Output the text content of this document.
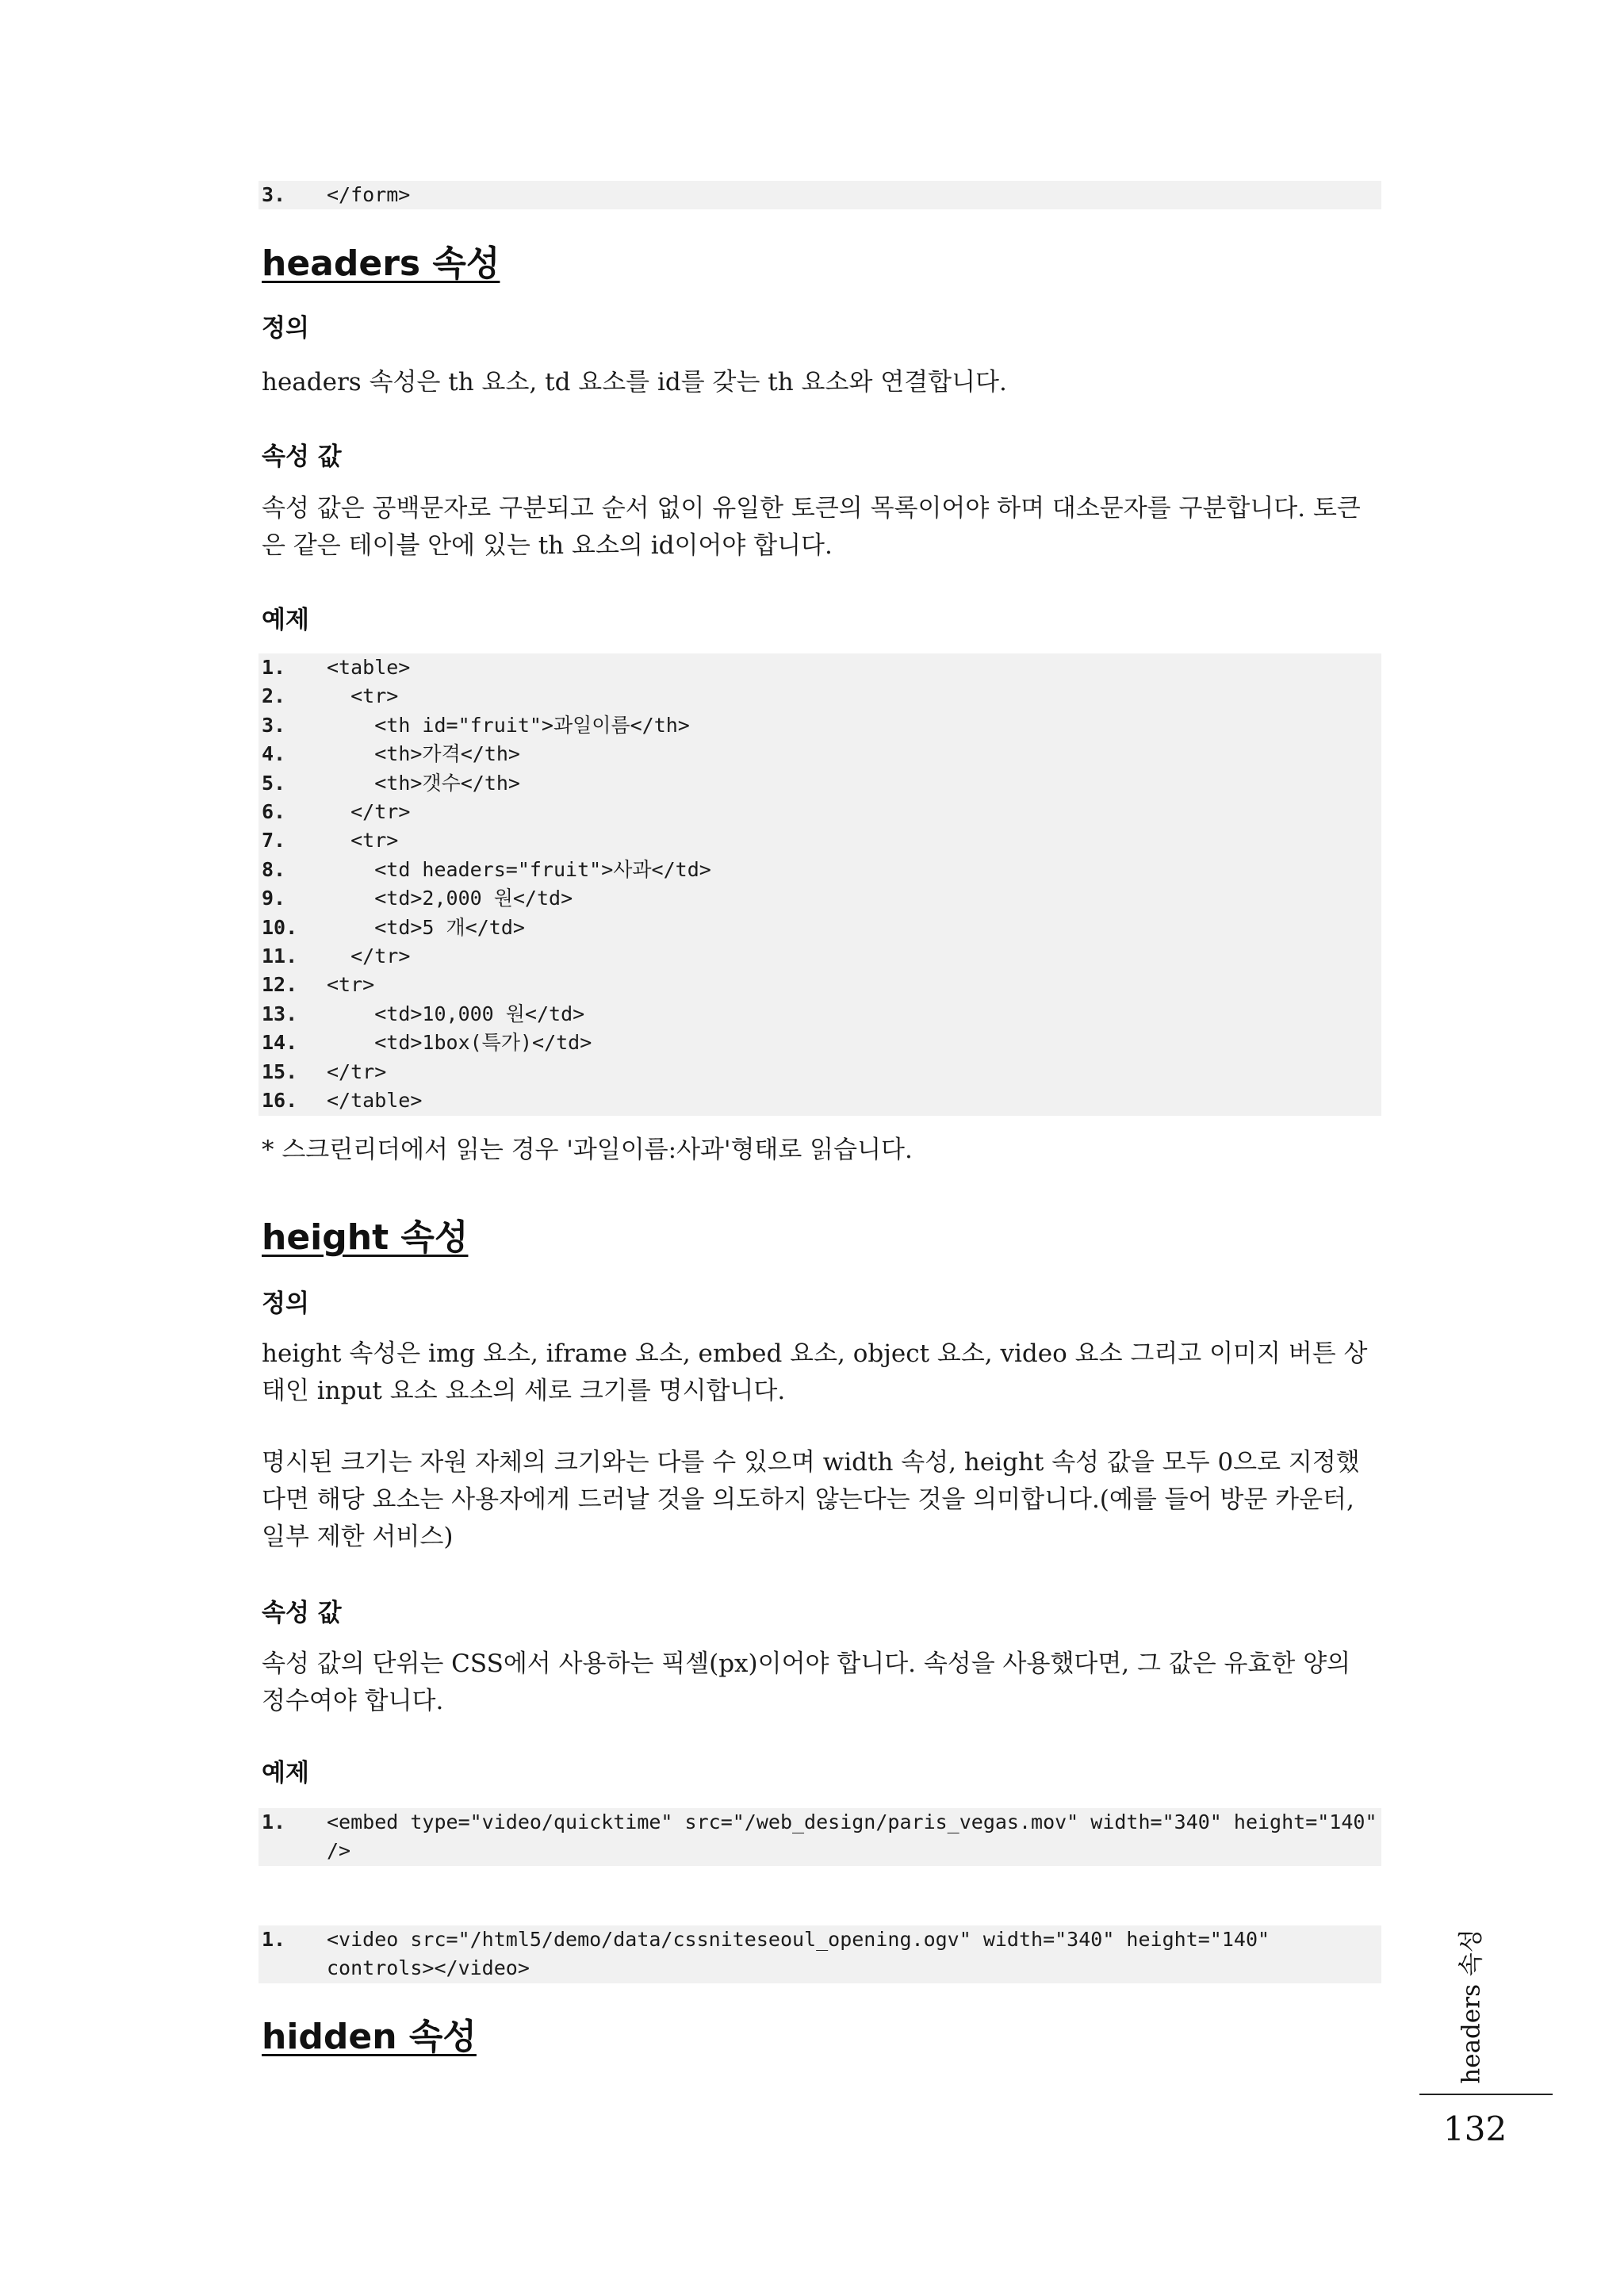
3.	</form>
headers 속성
정의

headers 속성은 th 요소, td 요소를 id를 갖는 th 요소와 연결합니다.

속성 값

속성 값은 공백문자로 구분되고 순서 없이 유일한 토큰의 목록이어야 하며 대소문자를 구분합니다. 토큰은 같은 테이블 안에 있는 th 요소의 id이어야 합니다.

예제
1.	<table>
2.	<tr>
3.	<th id="fruit">과일이름</th>
4.	<th>가격</th>
5.	<th>갯수</th>
6.	</tr>
7.	<tr>
8.	<td headers="fruit">사과</td>
9.	<td>2,000 원</td>
10.	<td>5 개</td>
11.	</tr>
12.	<tr>
13.	<td>10,000 원</td>
14.	<td>1box(특가)</td>
15.	</tr>
16.	</table>

* 스크린리더에서 읽는 경우 '과일이름:사과'형태로 읽습니다.

height 속성
정의

height 속성은 img 요소, iframe 요소, embed 요소, object 요소, video 요소 그리고 이미지 버튼 상태인 input 요소 요소의 세로 크기를 명시합니다.

명시된 크기는 자원 자체의 크기와는 다를 수 있으며 width 속성, height 속성 값을 모두 0으로 지정했다면 해당 요소는 사용자에게 드러날 것을 의도하지 않는다는 것을 의미합니다.(예를 들어 방문 카운터, 일부 제한 서비스)

속성 값

속성 값의 단위는 CSS에서 사용하는 픽셀(px)이어야 합니다. 속성을 사용했다면, 그 값은 유효한 양의 정수여야 합니다.

예제
1.	<embed type="video/quicktime" src="/web_design/paris_vegas.mov" width="340" height="140" />
1.	<video src="/html5/demo/data/cssniteseoul_opening.ogv" width="340" height="140"
controls></video>
hidden 속성	headers 속성
132
